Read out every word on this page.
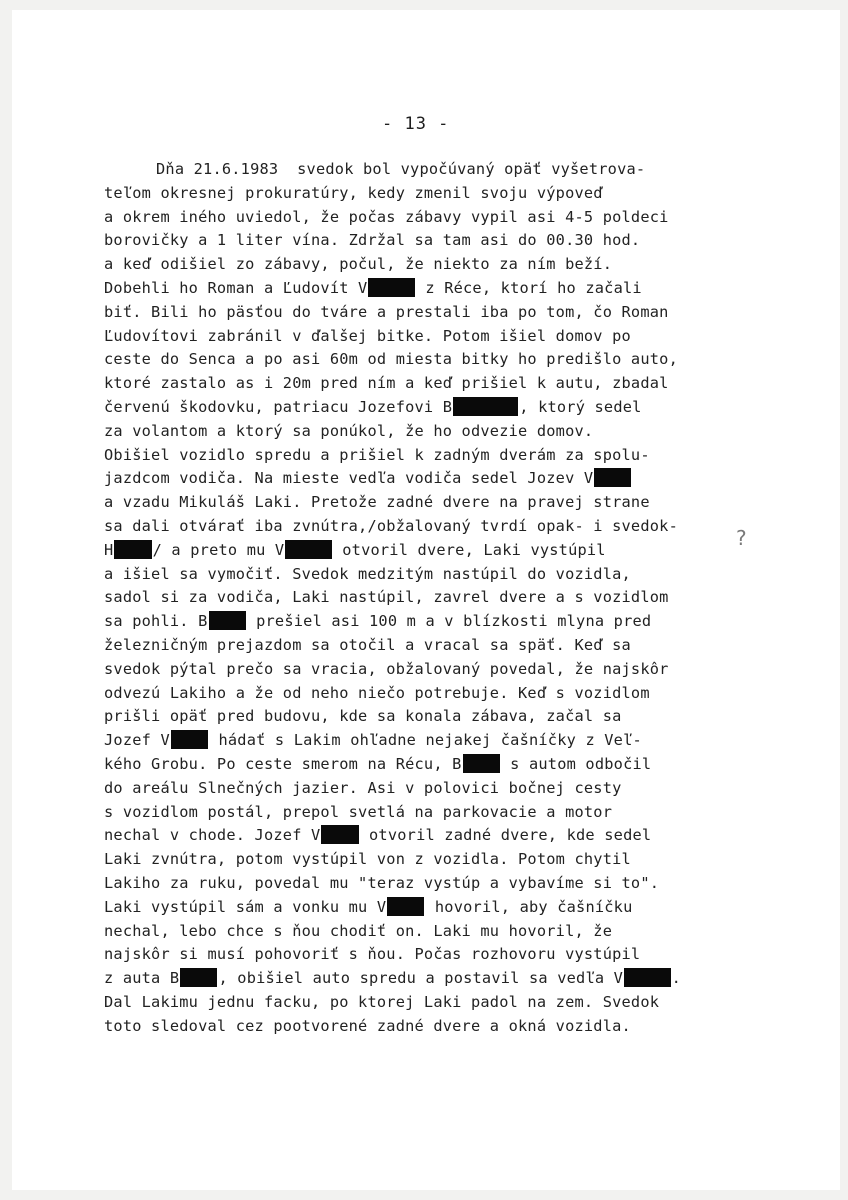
- 13 -
Dňa 21.6.1983  svedok bol vypočúvaný opäť vyšetrova-
teľom okresnej prokuratúry, kedy zmenil svoju výpoveď
a okrem iného uviedol, že počas zábavy vypil asi 4-5 poldeci
borovičky a 1 liter vína. Zdržal sa tam asi do 00.30 hod.
a keď odišiel zo zábavy, počul, že niekto za ním beží.
Dobehli ho Roman a Ľudovít V	z Réce, ktorí ho začali
biť. Bili ho päsťou do tváre a prestali iba po tom, čo Roman
Ľudovítovi zabránil v ďalšej bitke. Potom išiel domov po
ceste do Senca a po asi 60m od miesta bitky ho predišlo auto,
ktoré zastalo as i 20m pred ním a keď prišiel k autu, zbadal
červenú škodovku, patriacu Jozefovi B	, ktorý sedel
za volantom a ktorý sa ponúkol, že ho odvezie domov.
Obišiel vozidlo spredu a prišiel k zadným dverám za spolu-
jazdcom vodiča. Na mieste vedľa vodiča sedel Jozev V
a vzadu Mikuláš Laki. Pretože zadné dvere na pravej strane
sa dali otvárať iba zvnútra,/obžalovaný tvrdí opak- i svedok-
H	/ a preto mu V	otvoril dvere, Laki vystúpil
a išiel sa vymočiť. Svedok medzitým nastúpil do vozidla,
sadol si za vodiča, Laki nastúpil, zavrel dvere a s vozidlom
sa pohli. B	prešiel asi 100 m a v blízkosti mlyna pred
železničným prejazdom sa otočil a vracal sa späť. Keď sa
svedok pýtal prečo sa vracia, obžalovaný povedal, že najskôr
odvezú Lakiho a že od neho niečo potrebuje. Keď s vozidlom
prišli opäť pred budovu, kde sa konala zábava, začal sa
Jozef V	hádať s Lakim ohľadne nejakej čašníčky z Veľ-
kého Grobu. Po ceste smerom na Récu, B	s autom odbočil
do areálu Slnečných jazier. Asi v polovici bočnej cesty
s vozidlom postál, prepol svetlá na parkovacie a motor
nechal v chode. Jozef V	otvoril zadné dvere, kde sedel
Laki zvnútra, potom vystúpil von z vozidla. Potom chytil
Lakiho za ruku, povedal mu "teraz vystúp a vybavíme si to".
Laki vystúpil sám a vonku mu V	hovoril, aby čašníčku
nechal, lebo chce s ňou chodiť on. Laki mu hovoril, že
najskôr si musí pohovoriť s ňou. Počas rozhovoru vystúpil
z auta B	, obišiel auto spredu a postavil sa vedľa V	.
Dal Lakimu jednu facku, po ktorej Laki padol na zem. Svedok
toto sledoval cez pootvorené zadné dvere a okná vozidla.
?
